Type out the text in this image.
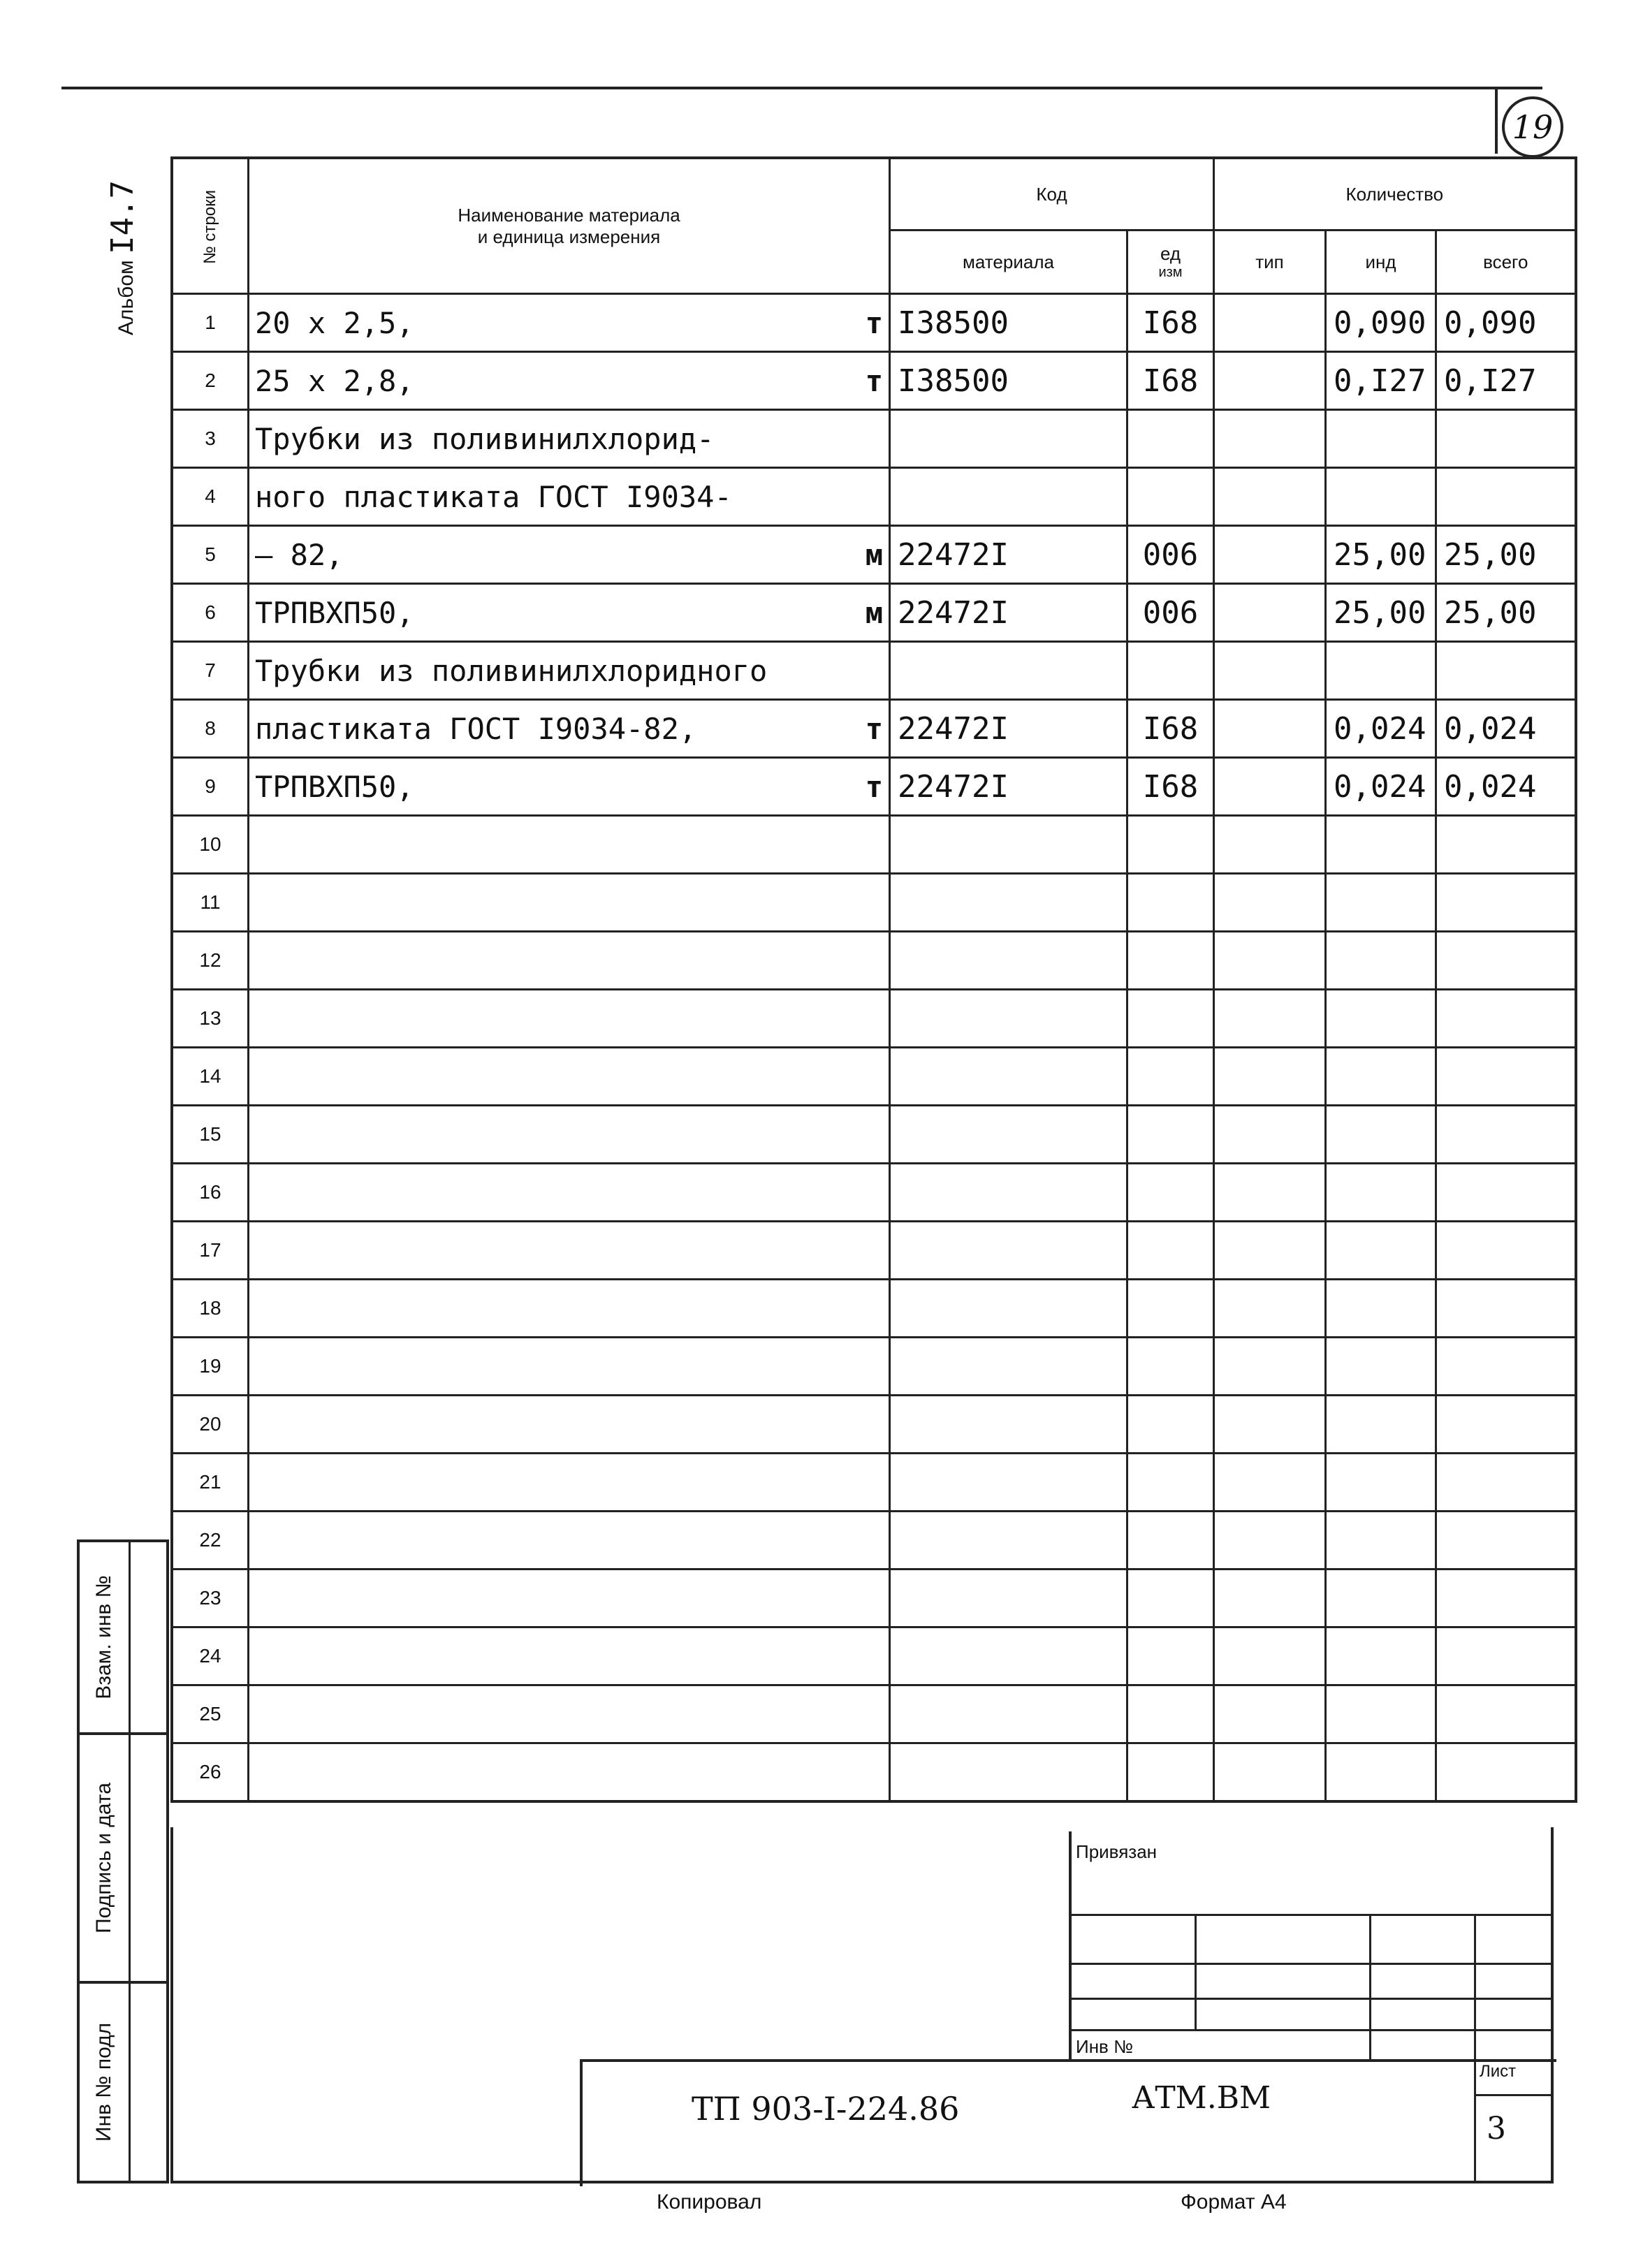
19
Альбом I4.7	№ строки	Наименование материала
и единица измерения	Код		Количество		
		материала	ед
изм	тип	инд	всего
1	20 х 2,5, т	I38500	I68		0,090	0,090
2	25 х 2,8, т	I38500	I68		0,I27	0,I27
3	Трубки из поливинилхлорид-

4	ного пластиката ГОСТ I9034-

5	– 82, м	22472I	006		25,00	25,00
6	ТРПВХП50, м	22472I	006		25,00	25,00
7	Трубки из поливинилхлоридного

8	пластиката ГОСТ I9034-82, т	22472I	I68		0,024	0,024
9	ТРПВХП50, т	22472I	I68		0,024	0,024
10	

11	

12	

13	

14	

15	

16	

17	

18	

19	

20	

21	

22	

23	

24	

25	

26	

Взам. инв №
Подпись и дата
Инв № подл
Привязан
Инв №
ТП 903-I-224.86	АТМ.ВМ
Лист
3
Копировал	Формат А4
